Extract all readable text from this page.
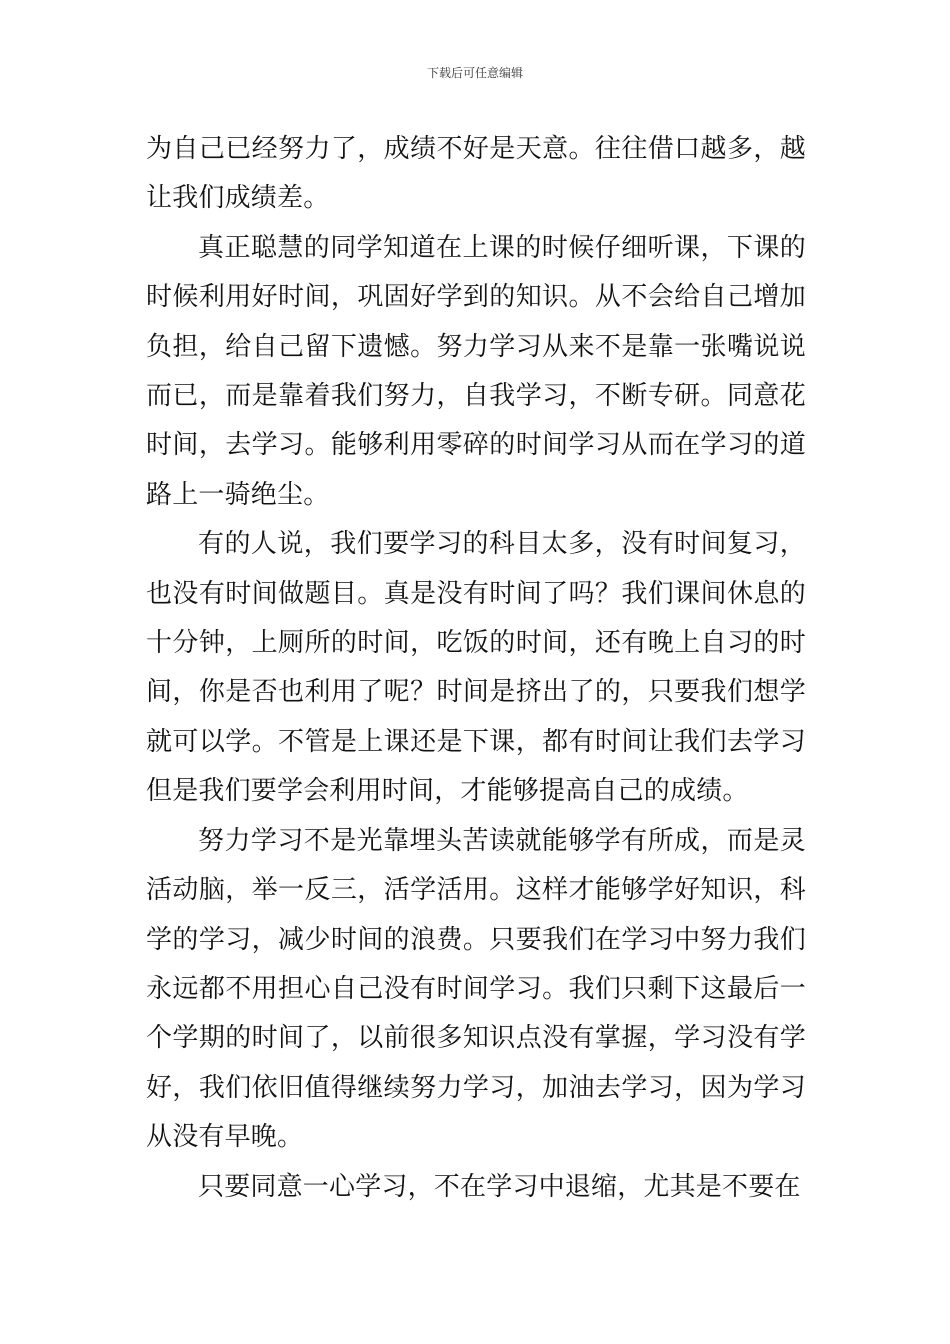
下载后可任意编辑

为自己已经努力了，成绩不好是天意。往往借口越多，越让我们成绩差。

真正聪慧的同学知道在上课的时候仔细听课，下课的时候利用好时间，巩固好学到的知识。从不会给自己增加负担，给自己留下遗憾。努力学习从来不是靠一张嘴说说而已，而是靠着我们努力，自我学习，不断专研。同意花时间，去学习。能够利用零碎的时间学习从而在学习的道路上一骑绝尘。

有的人说，我们要学习的科目太多，没有时间复习，也没有时间做题目。真是没有时间了吗？我们课间休息的十分钟，上厕所的时间，吃饭的时间，还有晚上自习的时间，你是否也利用了呢？时间是挤出了的，只要我们想学就可以学。不管是上课还是下课，都有时间让我们去学习但是我们要学会利用时间，才能够提高自己的成绩。

努力学习不是光靠埋头苦读就能够学有所成，而是灵活动脑，举一反三，活学活用。这样才能够学好知识，科学的学习，减少时间的浪费。只要我们在学习中努力我们永远都不用担心自己没有时间学习。我们只剩下这最后一个学期的时间了，以前很多知识点没有掌握，学习没有学好，我们依旧值得继续努力学习，加油去学习，因为学习从没有早晚。

只要同意一心学习，不在学习中退缩，尤其是不要在
